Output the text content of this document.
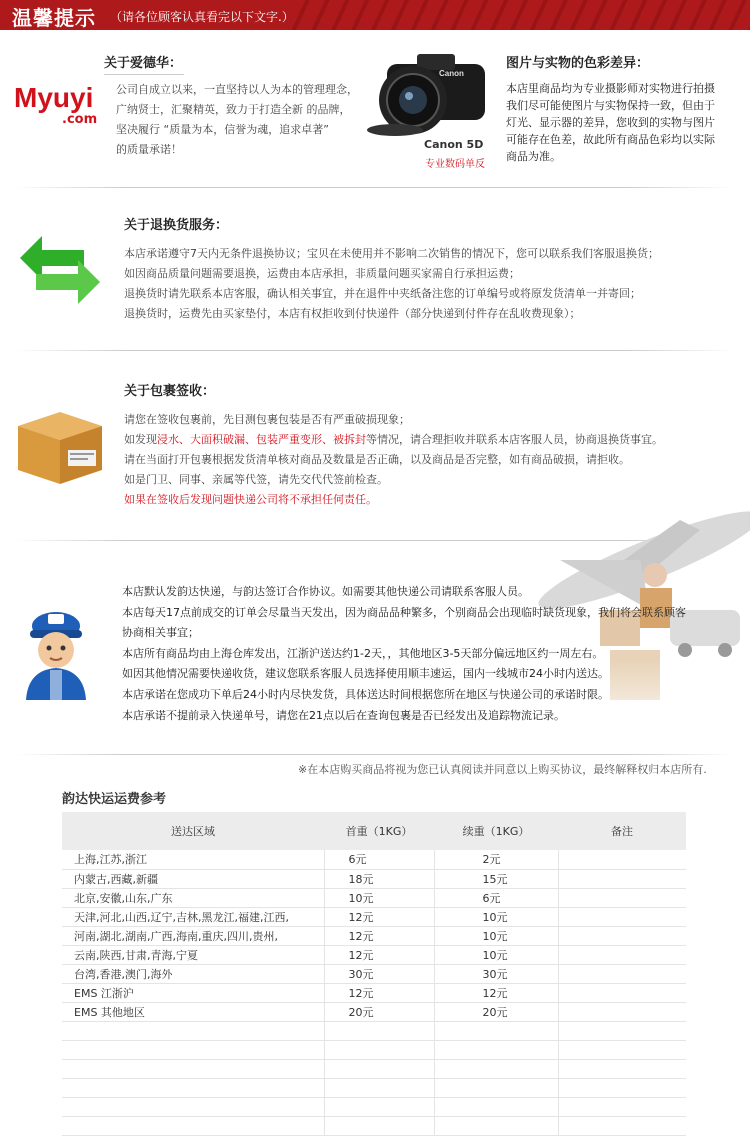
温馨提示 （请各位顾客认真看完以下文字.）
Myuyi
.com
关于爱德华：
公司自成立以来，一直坚持以人为本的管理理念，
广纳贤士，汇聚精英，致力于打造全新 的品牌，
坚决履行 “质量为本，信誉为魂，追求卓著”
的质量承诺！
Canon
Canon 5D
专业数码单反
图片与实物的色彩差异：
本店里商品均为专业摄影师对实物进行拍摄
我们尽可能使图片与实物保持一致，但由于
灯光、显示器的差异，您收到的实物与图片
可能存在色差，故此所有商品色彩均以实际
商品为准。
关于退换货服务：
本店承诺遵守7天内无条件退换协议；宝贝在未使用并不影响二次销售的情况下，您可以联系我们客服退换货；
如因商品质量问题需要退换，运费由本店承担，非质量问题买家需自行承担运费；
退换货时请先联系本店客服，确认相关事宜，并在退件中夹纸备注您的订单编号或将原发货清单一并寄回；
退换货时，运费先由买家垫付，本店有权拒收到付快递件（部分快递到付件存在乱收费现象）；
关于包裹签收：
请您在签收包裹前，先目测包裹包装是否有严重破损现象；
如发现浸水、大面积破漏、包装严重变形、被拆封等情况，请合理拒收并联系本店客服人员，协商退换货事宜。
请在当面打开包裹根据发货清单核对商品及数量是否正确，以及商品是否完整，如有商品破损，请拒收。
如是门卫、同事、亲属等代签，请先交代代签前检查。
如果在签收后发现问题快递公司将不承担任何责任。
本店默认发韵达快递，与韵达签订合作协议。如需要其他快递公司请联系客服人员。
本店每天17点前成交的订单会尽量当天发出，因为商品品种繁多，个别商品会出现临时缺货现象，我们将会联系顾客
协商相关事宜；
本店所有商品均由上海仓库发出，江浙沪送达约1-2天，，其他地区3-5天部分偏远地区约一周左右。
如因其他情况需要快递收货，建议您联系客服人员选择使用顺丰速运，国内一线城市24小时内送达。
本店承诺在您成功下单后24小时内尽快发货，具体送达时间根据您所在地区与快递公司的承诺时限。
本店承诺不提前录入快递单号，请您在21点以后在查询包裹是否已经发出及追踪物流记录。
※在本店购买商品将视为您已认真阅读并同意以上购买协议，最终解释权归本店所有.
韵达快运运费参考
送达区域	首重（1KG）	续重（1KG）	备注
上海,江苏,浙江	6元	2元	
内蒙古,西藏,新疆	18元	15元	
北京,安徽,山东,广东	10元	6元	
天津,河北,山西,辽宁,吉林,黑龙江,福建,江西,	12元	10元	
河南,湖北,湖南,广西,海南,重庆,四川,贵州,	12元	10元	
云南,陕西,甘肃,青海,宁夏	12元	10元	
台湾,香港,澳门,海外	30元	30元	
EMS 江浙沪	12元	12元	
EMS 其他地区	20元	20元	
